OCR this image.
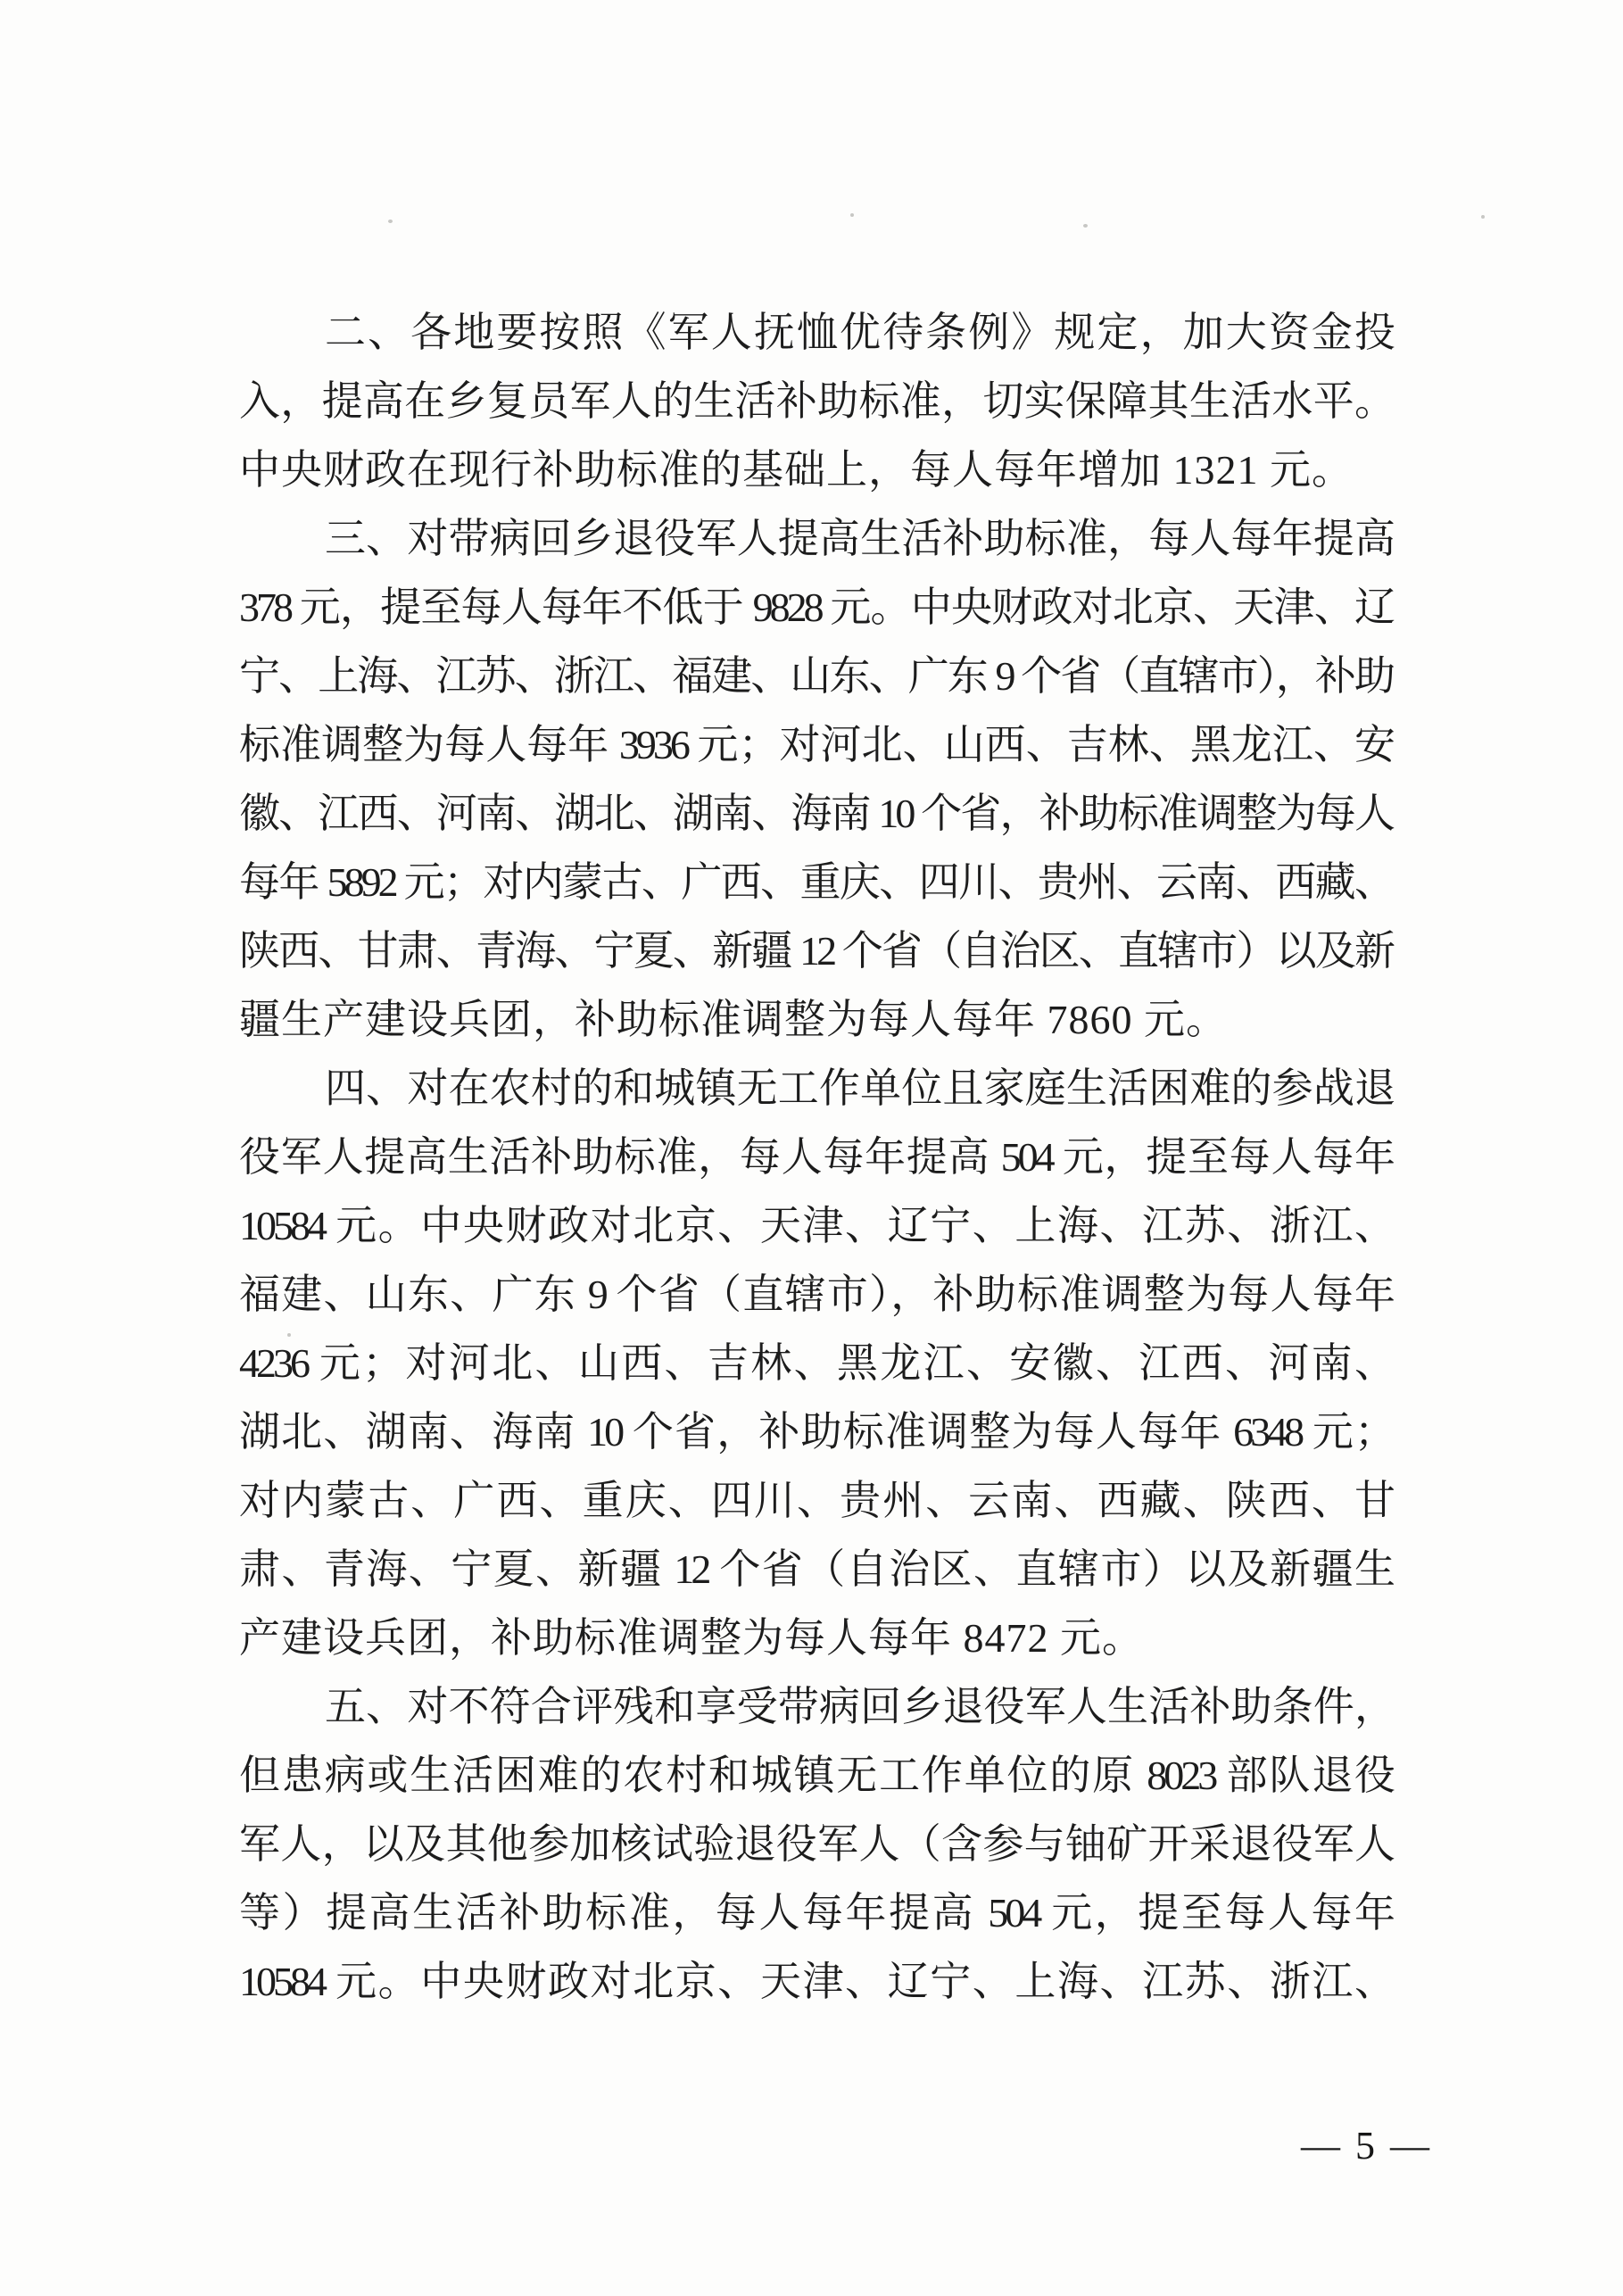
二、各地要按照《军人抚恤优待条例》规定，加大资金投
入，提高在乡复员军人的生活补助标准，切实保障其生活水平。
中央财政在现行补助标准的基础上，每人每年增加 1321 元。
三、对带病回乡退役军人提高生活补助标准，每人每年提高
378 元，提至每人每年不低于 9828 元。中央财政对北京、天津、辽
宁、上海、江苏、浙江、福建、山东、广东 9 个省（直辖市），补助
标准调整为每人每年 3936 元；对河北、山西、吉林、黑龙江、安
徽、江西、河南、湖北、湖南、海南 10 个省，补助标准调整为每人
每年 5892 元；对内蒙古、广西、重庆、四川、贵州、云南、西藏、
陕西、甘肃、青海、宁夏、新疆 12 个省（自治区、直辖市）以及新
疆生产建设兵团，补助标准调整为每人每年 7860 元。
四、对在农村的和城镇无工作单位且家庭生活困难的参战退
役军人提高生活补助标准，每人每年提高 504 元，提至每人每年
10584 元。中央财政对北京、天津、辽宁、上海、江苏、浙江、
福建、山东、广东 9 个省（直辖市），补助标准调整为每人每年
4236 元；对河北、山西、吉林、黑龙江、安徽、江西、河南、
湖北、湖南、海南 10 个省，补助标准调整为每人每年 6348 元；
对内蒙古、广西、重庆、四川、贵州、云南、西藏、陕西、甘
肃、青海、宁夏、新疆 12 个省（自治区、直辖市）以及新疆生
产建设兵团，补助标准调整为每人每年 8472 元。
五、对不符合评残和享受带病回乡退役军人生活补助条件，
但患病或生活困难的农村和城镇无工作单位的原 8023 部队退役
军人，以及其他参加核试验退役军人（含参与铀矿开采退役军人
等）提高生活补助标准，每人每年提高 504 元，提至每人每年
10584 元。中央财政对北京、天津、辽宁、上海、江苏、浙江、
— 5 —
